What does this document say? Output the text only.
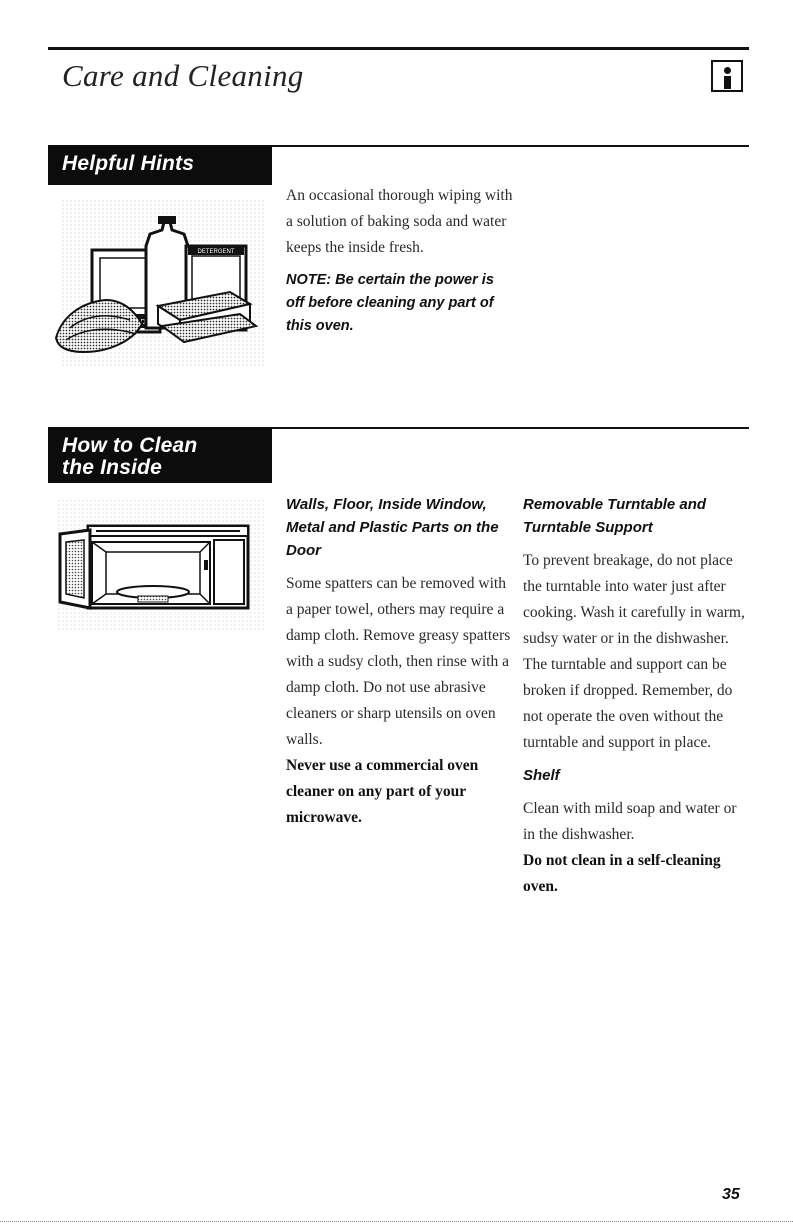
Care and Cleaning
Helpful Hints
DETERGENT

An occasional thorough wiping with a solution of baking soda and water keeps the inside fresh.

NOTE: Be certain the power is off before cleaning any part of this oven.

How to Clean
the Inside

Walls, Floor, Inside Window, Metal and Plastic Parts on the Door

Some spatters can be removed with a paper towel, others may require a damp cloth. Remove greasy spatters with a sudsy cloth, then rinse with a damp cloth. Do not use abrasive cleaners or sharp utensils on oven walls.

Never use a commercial oven cleaner on any part of your microwave.

Removable Turntable and Turntable Support

To prevent breakage, do not place the turntable into water just after cooking. Wash it carefully in warm, sudsy water or in the dishwasher. The turntable and support can be broken if dropped. Remember, do not operate the oven without the turntable and support in place.

Shelf

Clean with mild soap and water or in the dishwasher.

Do not clean in a self-cleaning oven.

35
